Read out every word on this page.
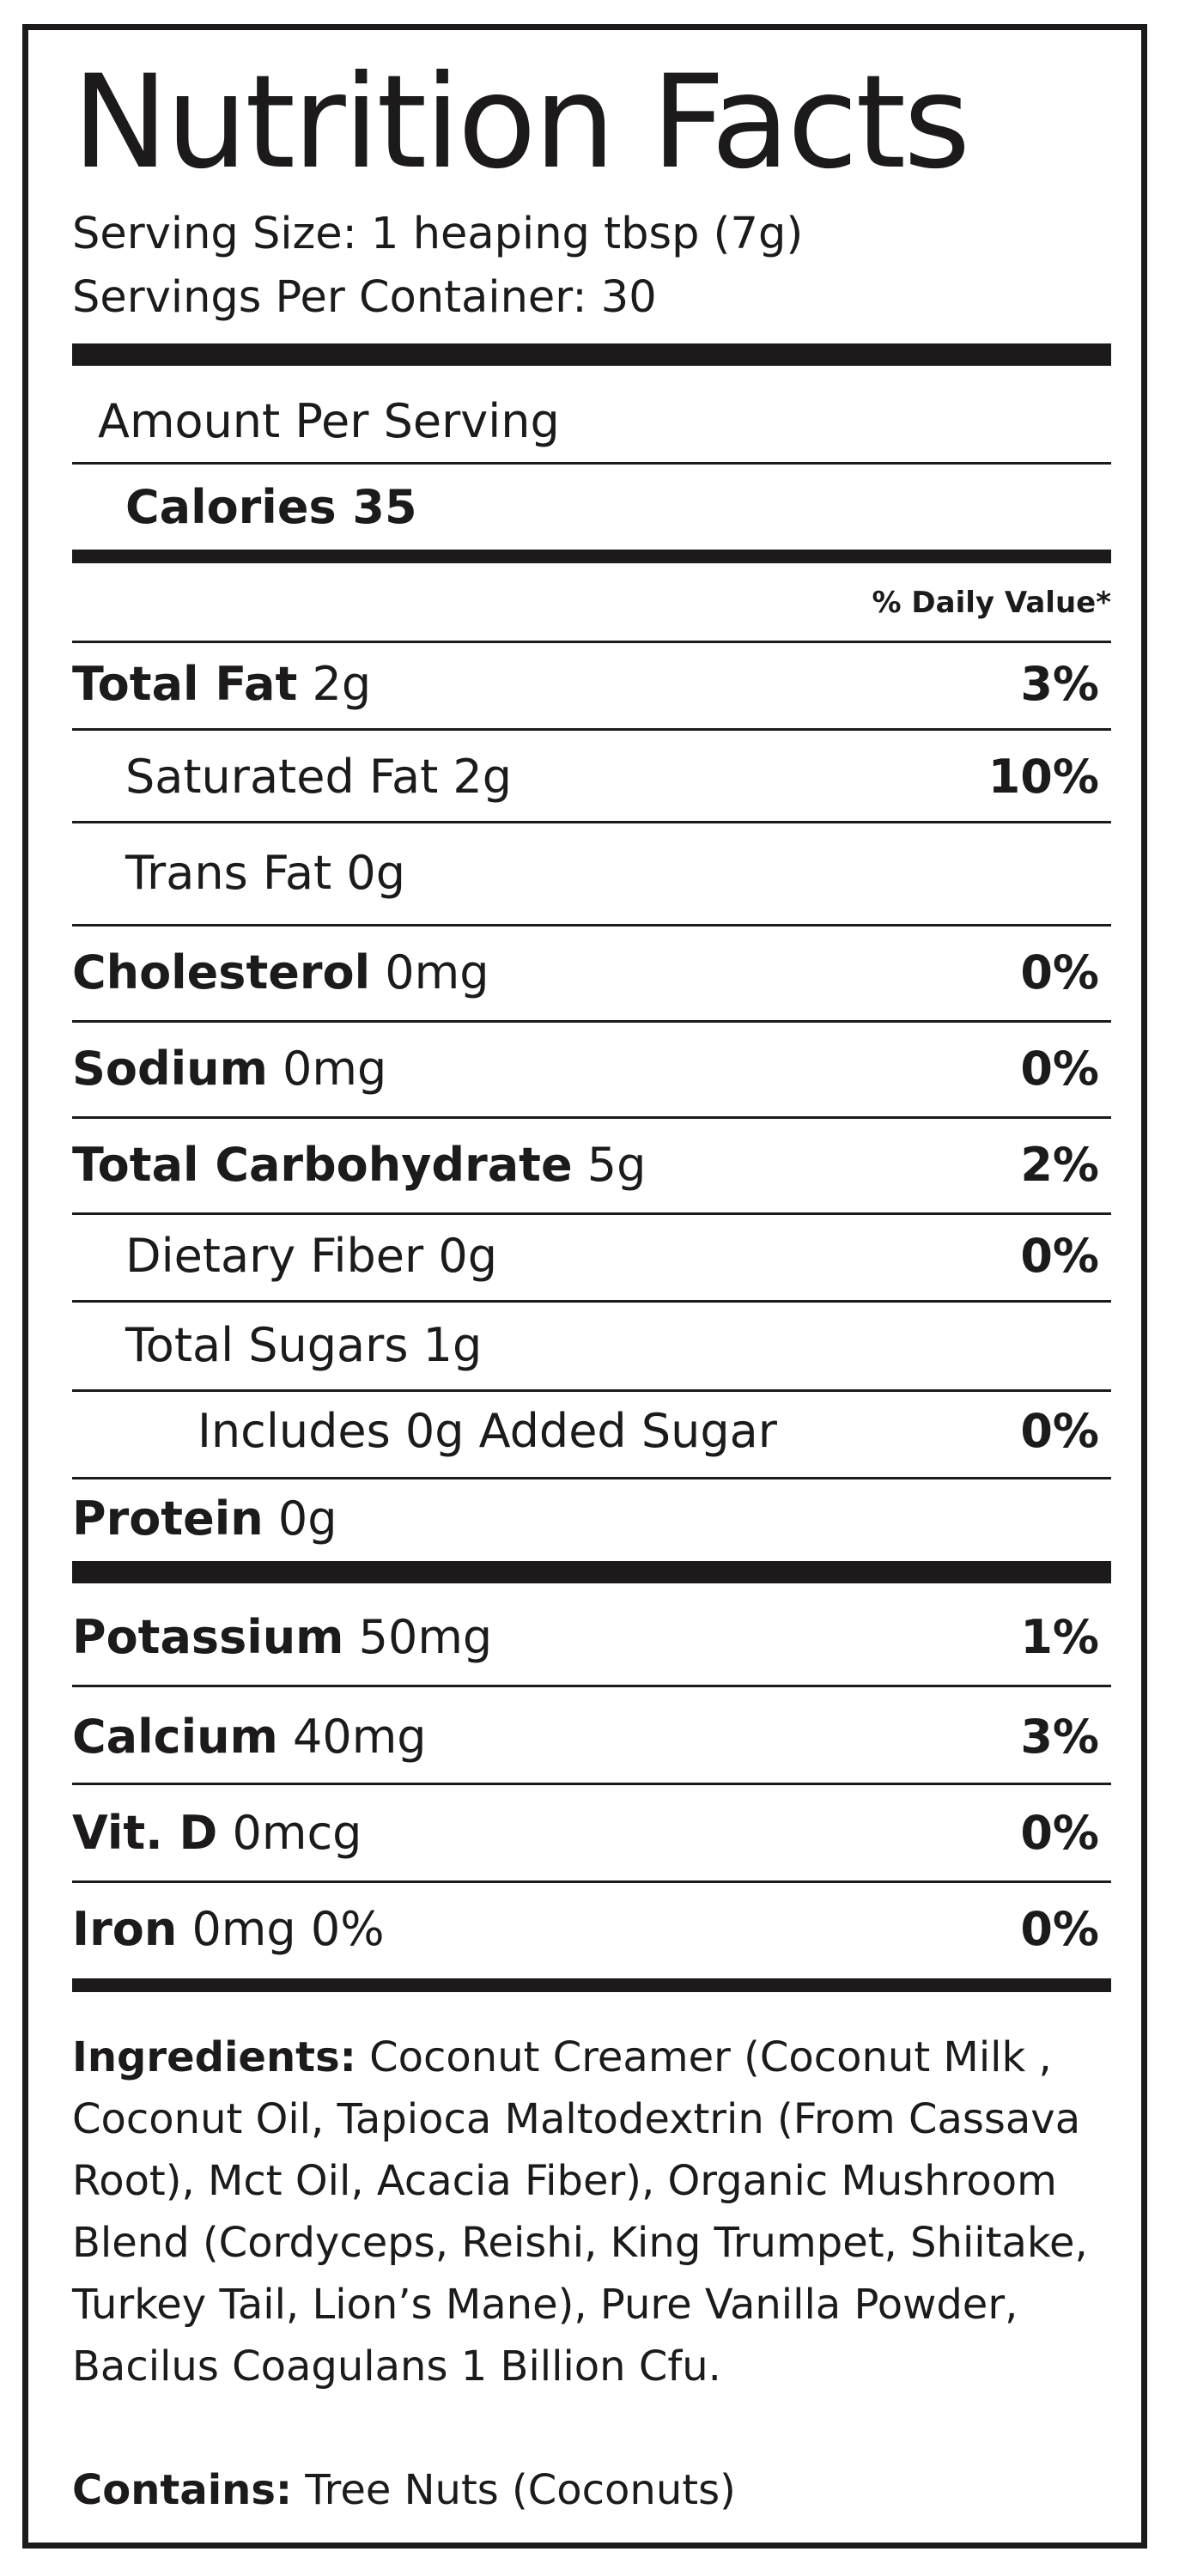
Nutrition Facts
Serving Size: 1 heaping tbsp (7g)
Servings Per Container: 30
Amount Per Serving
Calories 35
% Daily Value*
Total Fat 2g	3%
Saturated Fat 2g	10%
Trans Fat 0g
Cholesterol 0mg	0%
Sodium 0mg	0%
Total Carbohydrate 5g	2%
Dietary Fiber 0g	0%
Total Sugars 1g
Includes 0g Added Sugar	0%
Protein 0g
Potassium 50mg	1%
Calcium 40mg	3%
Vit. D 0mcg	0%
Iron 0mg 0%	0%
Ingredients: Coconut Creamer (Coconut Milk , Coconut Oil, Tapioca Maltodextrin (From Cassava Root), Mct Oil, Acacia Fiber), Organic Mushroom Blend (Cordyceps, Reishi, King Trumpet, Shiitake, Turkey Tail, Lion’s Mane), Pure Vanilla Powder, Bacilus Coagulans 1 Billion Cfu.
Contains: Tree Nuts (Coconuts)
